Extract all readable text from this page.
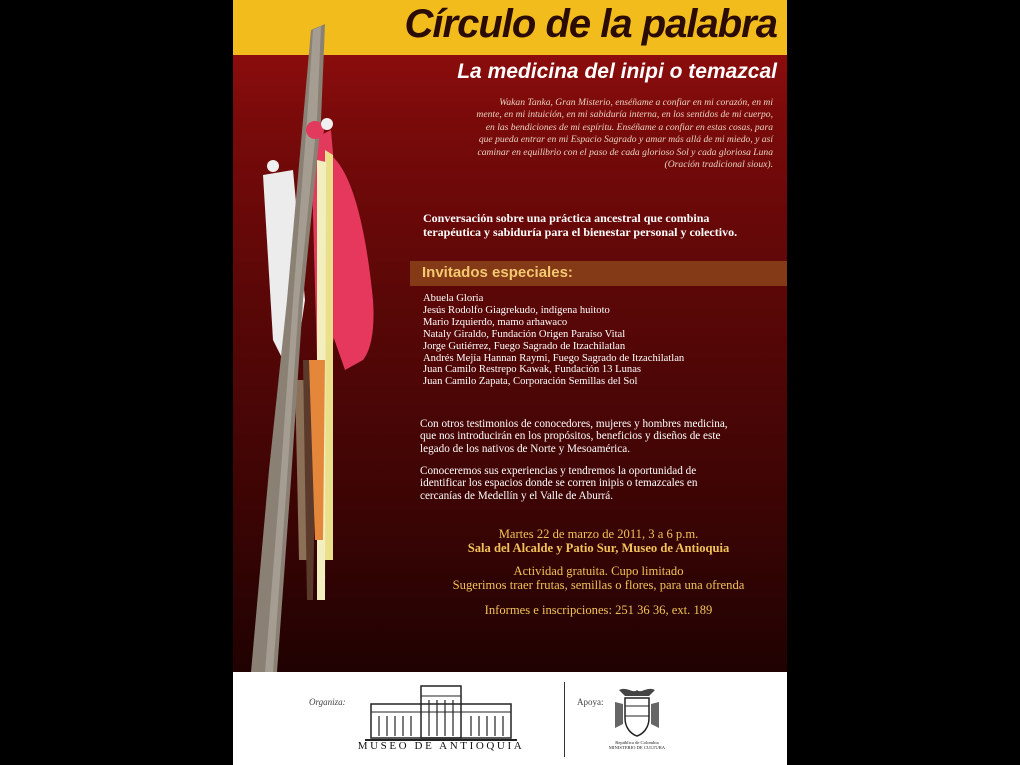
Círculo de la palabra
La medicina del inipi o temazcal

Wakan Tanka, Gran Misterio, enséñame a confiar en mi corazón, en mi mente, en mi intuición, en mi sabiduría interna, en los sentidos de mi cuerpo, en las bendiciones de mi espíritu. Enséñame a confiar en estas cosas, para que pueda entrar en mi Espacio Sagrado y amar más allá de mi miedo, y así caminar en equilibrio con el paso de cada glorioso Sol y cada gloriosa Luna
(Oración tradicional sioux).

Conversación sobre una práctica ancestral que combina terapéutica y sabiduría para el bienestar personal y colectivo.

Invitados especiales:
Abuela Gloria
Jesús Rodolfo Giagrekudo, indígena huitoto
Mario Izquierdo, mamo arhawaco
Nataly Giraldo, Fundación Origen Paraíso Vital
Jorge Gutiérrez, Fuego Sagrado de Itzachilatlan
Andrés Mejía Hannan Raymi, Fuego Sagrado de Itzachilatlan
Juan Camilo Restrepo Kawak, Fundación 13 Lunas
Juan Camilo Zapata, Corporación Semillas del Sol

Con otros testimonios de conocedores, mujeres y hombres medicina, que nos introducirán en los propósitos, beneficios y diseños de este legado de los nativos de Norte y Mesoamérica.

Conoceremos sus experiencias y tendremos la oportunidad de identificar los espacios donde se corren inipis o temazcales en cercanías de Medellín y el Valle de Aburrá.

Martes 22 de marzo de 2011, 3 a 6 p.m.

Sala del Alcalde y Patio Sur, Museo de Antioquia

Actividad gratuita. Cupo limitado

Sugerimos traer frutas, semillas o flores, para una ofrenda

Informes e inscripciones: 251 36 36, ext. 189

Organiza:
MUSEO DE ANTIOQUIA
Apoya:
República de Colombia
MINISTERIO DE CULTURA
